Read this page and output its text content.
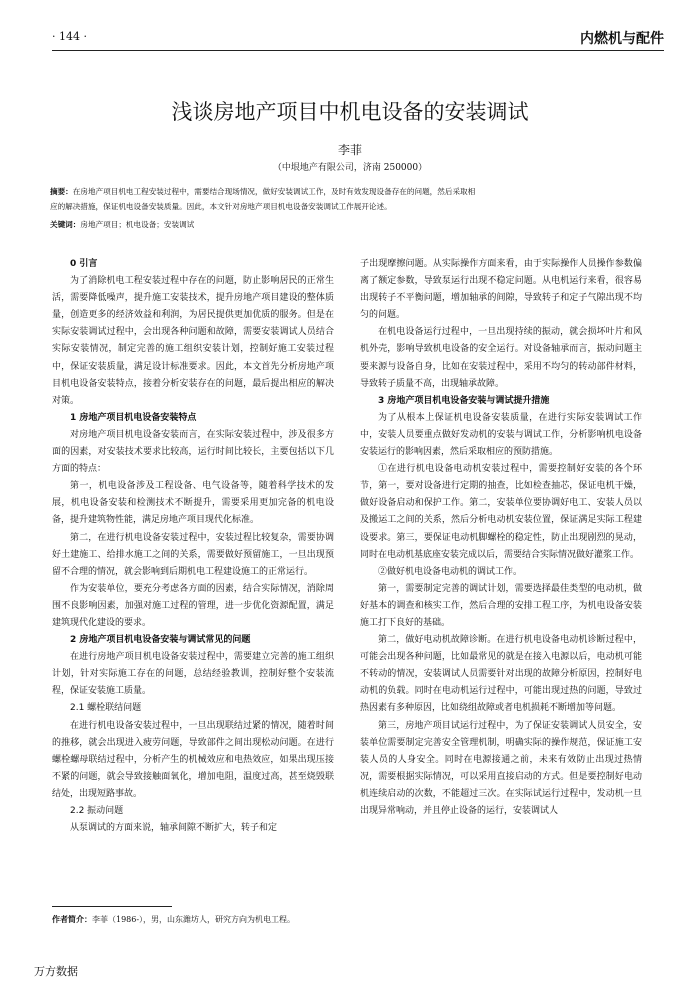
· 144 ·	内燃机与配件
浅谈房地产项目中机电设备的安装调试
李菲
（中垠地产有限公司，济南 250000）
摘要：在房地产项目机电工程安装过程中，需要结合现场情况，做好安装调试工作，及时有效发现设备存在的问题，然后采取相
应的解决措施，保证机电设备安装质量。因此，本文针对房地产项目机电设备安装调试工作展开论述。
关键词：房地产项目；机电设备；安装调试
0 引言

为了消除机电工程安装过程中存在的问题，防止影响居民的正常生活，需要降低噪声，提升施工安装技术，提升房地产项目建设的整体质量，创造更多的经济效益和利润，为居民提供更加优质的服务。但是在实际安装调试过程中，会出现各种问题和故障，需要安装调试人员结合实际安装情况，制定完善的施工组织安装计划，控制好施工安装过程中，保证安装质量，满足设计标准要求。因此，本文首先分析房地产项目机电设备安装特点，接着分析安装存在的问题，最后提出相应的解决对策。

1 房地产项目机电设备安装特点

对房地产项目机电设备安装而言，在实际安装过程中，涉及很多方面的因素，对安装技术要求比较高，运行时间比较长，主要包括以下几方面的特点：

第一，机电设备涉及工程设备、电气设备等，随着科学技术的发展，机电设备安装和检测技术不断提升，需要采用更加完备的机电设备，提升建筑物性能，满足房地产项目现代化标准。

第二，在进行机电设备安装过程中，安装过程比较复杂，需要协调好土建施工、给排水施工之间的关系，需要做好预留施工，一旦出现预留不合理的情况，就会影响到后期机电工程建设施工的正常运行。

作为安装单位，要充分考虑各方面的因素，结合实际情况，消除周围不良影响因素，加强对施工过程的管理，进一步优化资源配置，满足建筑现代化建设的要求。

2 房地产项目机电设备安装与调试常见的问题

在进行房地产项目机电设备安装过程中，需要建立完善的施工组织计划，针对实际施工存在的问题，总结经验教训，控制好整个安装流程，保证安装施工质量。

2.1 螺栓联结问题

在进行机电设备安装过程中，一旦出现联结过紧的情况，随着时间的推移，就会出现进入疲劳问题，导致部件之间出现松动问题。在进行螺栓螺母联结过程中，分析产生的机械效应和电热效应，如果出现压接不紧的问题，就会导致接触面氧化，增加电阻，温度过高，甚至烧毁联结处，出现短路事故。

2.2 振动问题

从泵调试的方面来说，轴承间隙不断扩大，转子和定

子出现摩擦问题。从实际操作方面来看，由于实际操作人员操作参数偏离了额定参数，导致泵运行出现不稳定问题。从电机运行来看，很容易出现转子不平衡问题，增加轴承的间隙，导致转子和定子气隙出现不均匀的问题。

在机电设备运行过程中，一旦出现持续的振动，就会损坏叶片和风机外壳，影响导致机电设备的安全运行。对设备轴承而言，振动问题主要来源与设备自身，比如在安装过程中，采用不均匀的转动部件材料，导致转子质量不高，出现轴承故障。

3 房地产项目机电设备安装与调试提升措施

为了从根本上保证机电设备安装质量，在进行实际安装调试工作中，安装人员要重点做好发动机的安装与调试工作，分析影响机电设备安装运行的影响因素，然后采取相应的预防措施。

①在进行机电设备电动机安装过程中，需要控制好安装的各个环节，第一，要对设备进行定期的抽查，比如检查抽芯，保证电机干燥，做好设备启动和保护工作。第二，安装单位要协调好电工、安装人员以及搬运工之间的关系，然后分析电动机安装位置，保证满足实际工程建设要求。第三，要保证电动机脚螺栓的稳定性，防止出现剧烈的晃动，同时在电动机基底座安装完成以后，需要结合实际情况做好灌浆工作。

②做好机电设备电动机的调试工作。

第一，需要制定完善的调试计划，需要选择最佳类型的电动机，做好基本的调查和核实工作，然后合理的安排工程工序，为机电设备安装施工打下良好的基础。

第二，做好电动机故障诊断。在进行机电设备电动机诊断过程中，可能会出现各种问题，比如最常见的就是在接入电源以后，电动机可能不转动的情况，安装调试人员需要针对出现的故障分析原因，控制好电动机的负载。同时在电动机运行过程中，可能出现过热的问题，导致过热因素有多种原因，比如绕组故障或者电机损耗不断增加等问题。

第三，房地产项目试运行过程中，为了保证安装调试人员安全，安装单位需要制定完善安全管理机制，明确实际的操作规范，保证施工安装人员的人身安全。同时在电源接通之前，未来有效防止出现过热情况，需要根据实际情况，可以采用直接启动的方式。但是要控制好电动机连续启动的次数，不能超过三次。在实际试运行过程中，发动机一旦出现异常响动，并且停止设备的运行，安装调试人

作者简介：李菲（1986-），男，山东潍坊人，研究方向为机电工程。
万方数据
